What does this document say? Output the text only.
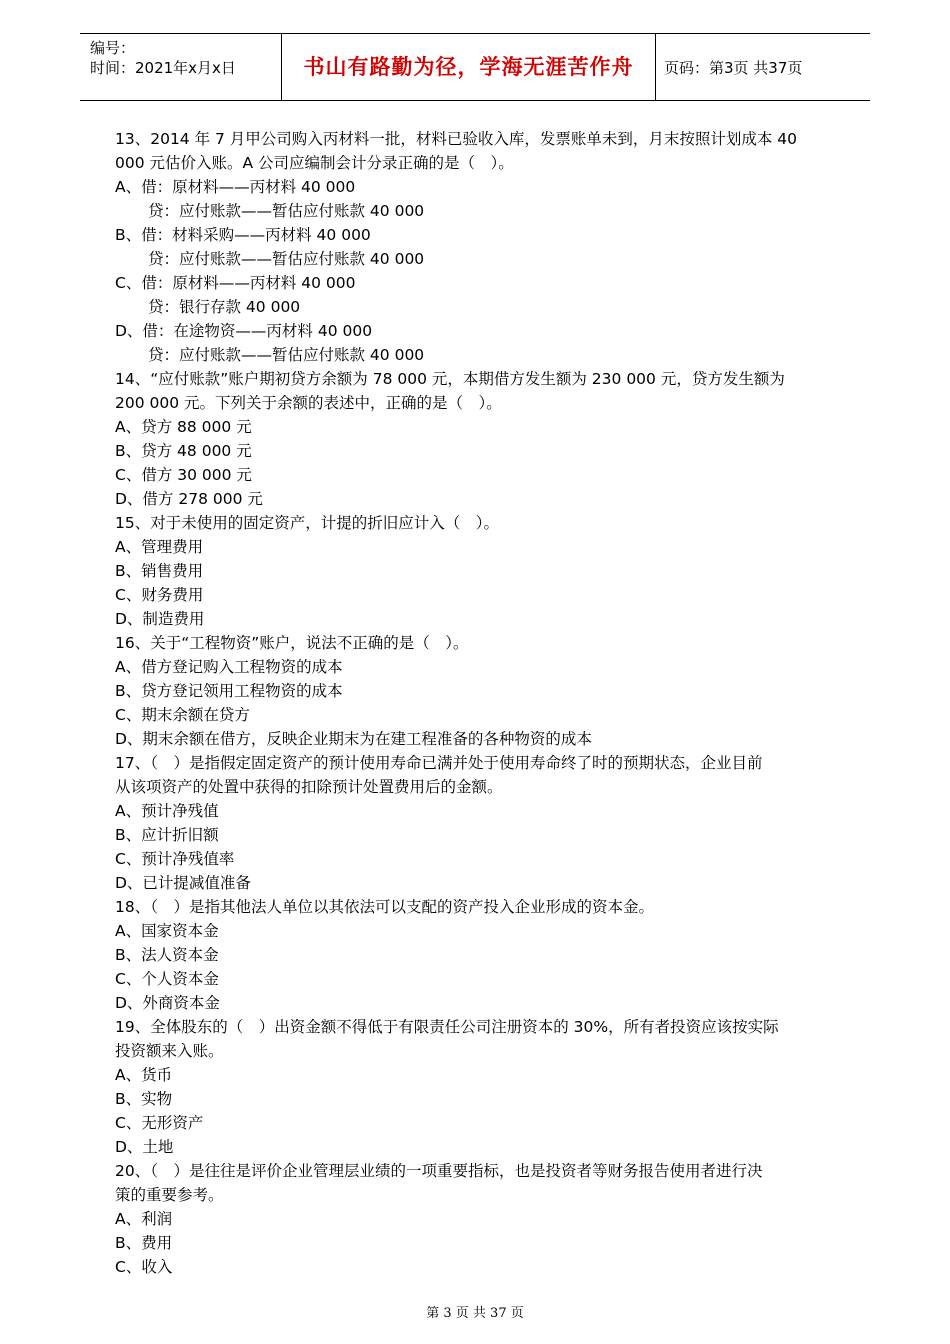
编号：
时间：2021年x月x日	书山有路勤为径，学海无涯苦作舟	页码：第3页 共37页
13、2014 年 7 月甲公司购入丙材料一批，材料已验收入库，发票账单未到，月末按照计划成本 40
000 元估价入账。A 公司应编制会计分录正确的是（　）。
A、借：原材料——丙材料 40 000
贷：应付账款——暂估应付账款 40 000
B、借：材料采购——丙材料 40 000
贷：应付账款——暂估应付账款 40 000
C、借：原材料——丙材料 40 000
贷：银行存款 40 000
D、借：在途物资——丙材料 40 000
贷：应付账款——暂估应付账款 40 000
14、“应付账款”账户期初贷方余额为 78 000 元，本期借方发生额为 230 000 元，贷方发生额为
200 000 元。下列关于余额的表述中，正确的是（　）。
A、贷方 88 000 元
B、贷方 48 000 元
C、借方 30 000 元
D、借方 278 000 元
15、对于未使用的固定资产，计提的折旧应计入（　）。
A、管理费用
B、销售费用
C、财务费用
D、制造费用
16、关于“工程物资”账户，说法不正确的是（　）。
A、借方登记购入工程物资的成本
B、贷方登记领用工程物资的成本
C、期末余额在贷方
D、期末余额在借方，反映企业期末为在建工程准备的各种物资的成本
17、（　）是指假定固定资产的预计使用寿命已满并处于使用寿命终了时的预期状态，企业目前
从该项资产的处置中获得的扣除预计处置费用后的金额。
A、预计净残值
B、应计折旧额
C、预计净残值率
D、已计提减值准备
18、（　）是指其他法人单位以其依法可以支配的资产投入企业形成的资本金。
A、国家资本金
B、法人资本金
C、个人资本金
D、外商资本金
19、全体股东的（　）出资金额不得低于有限责任公司注册资本的 30%，所有者投资应该按实际
投资额来入账。
A、货币
B、实物
C、无形资产
D、土地
20、（　）是往往是评价企业管理层业绩的一项重要指标，也是投资者等财务报告使用者进行决
策的重要参考。
A、利润
B、费用
C、收入
第 3 页 共 37 页
